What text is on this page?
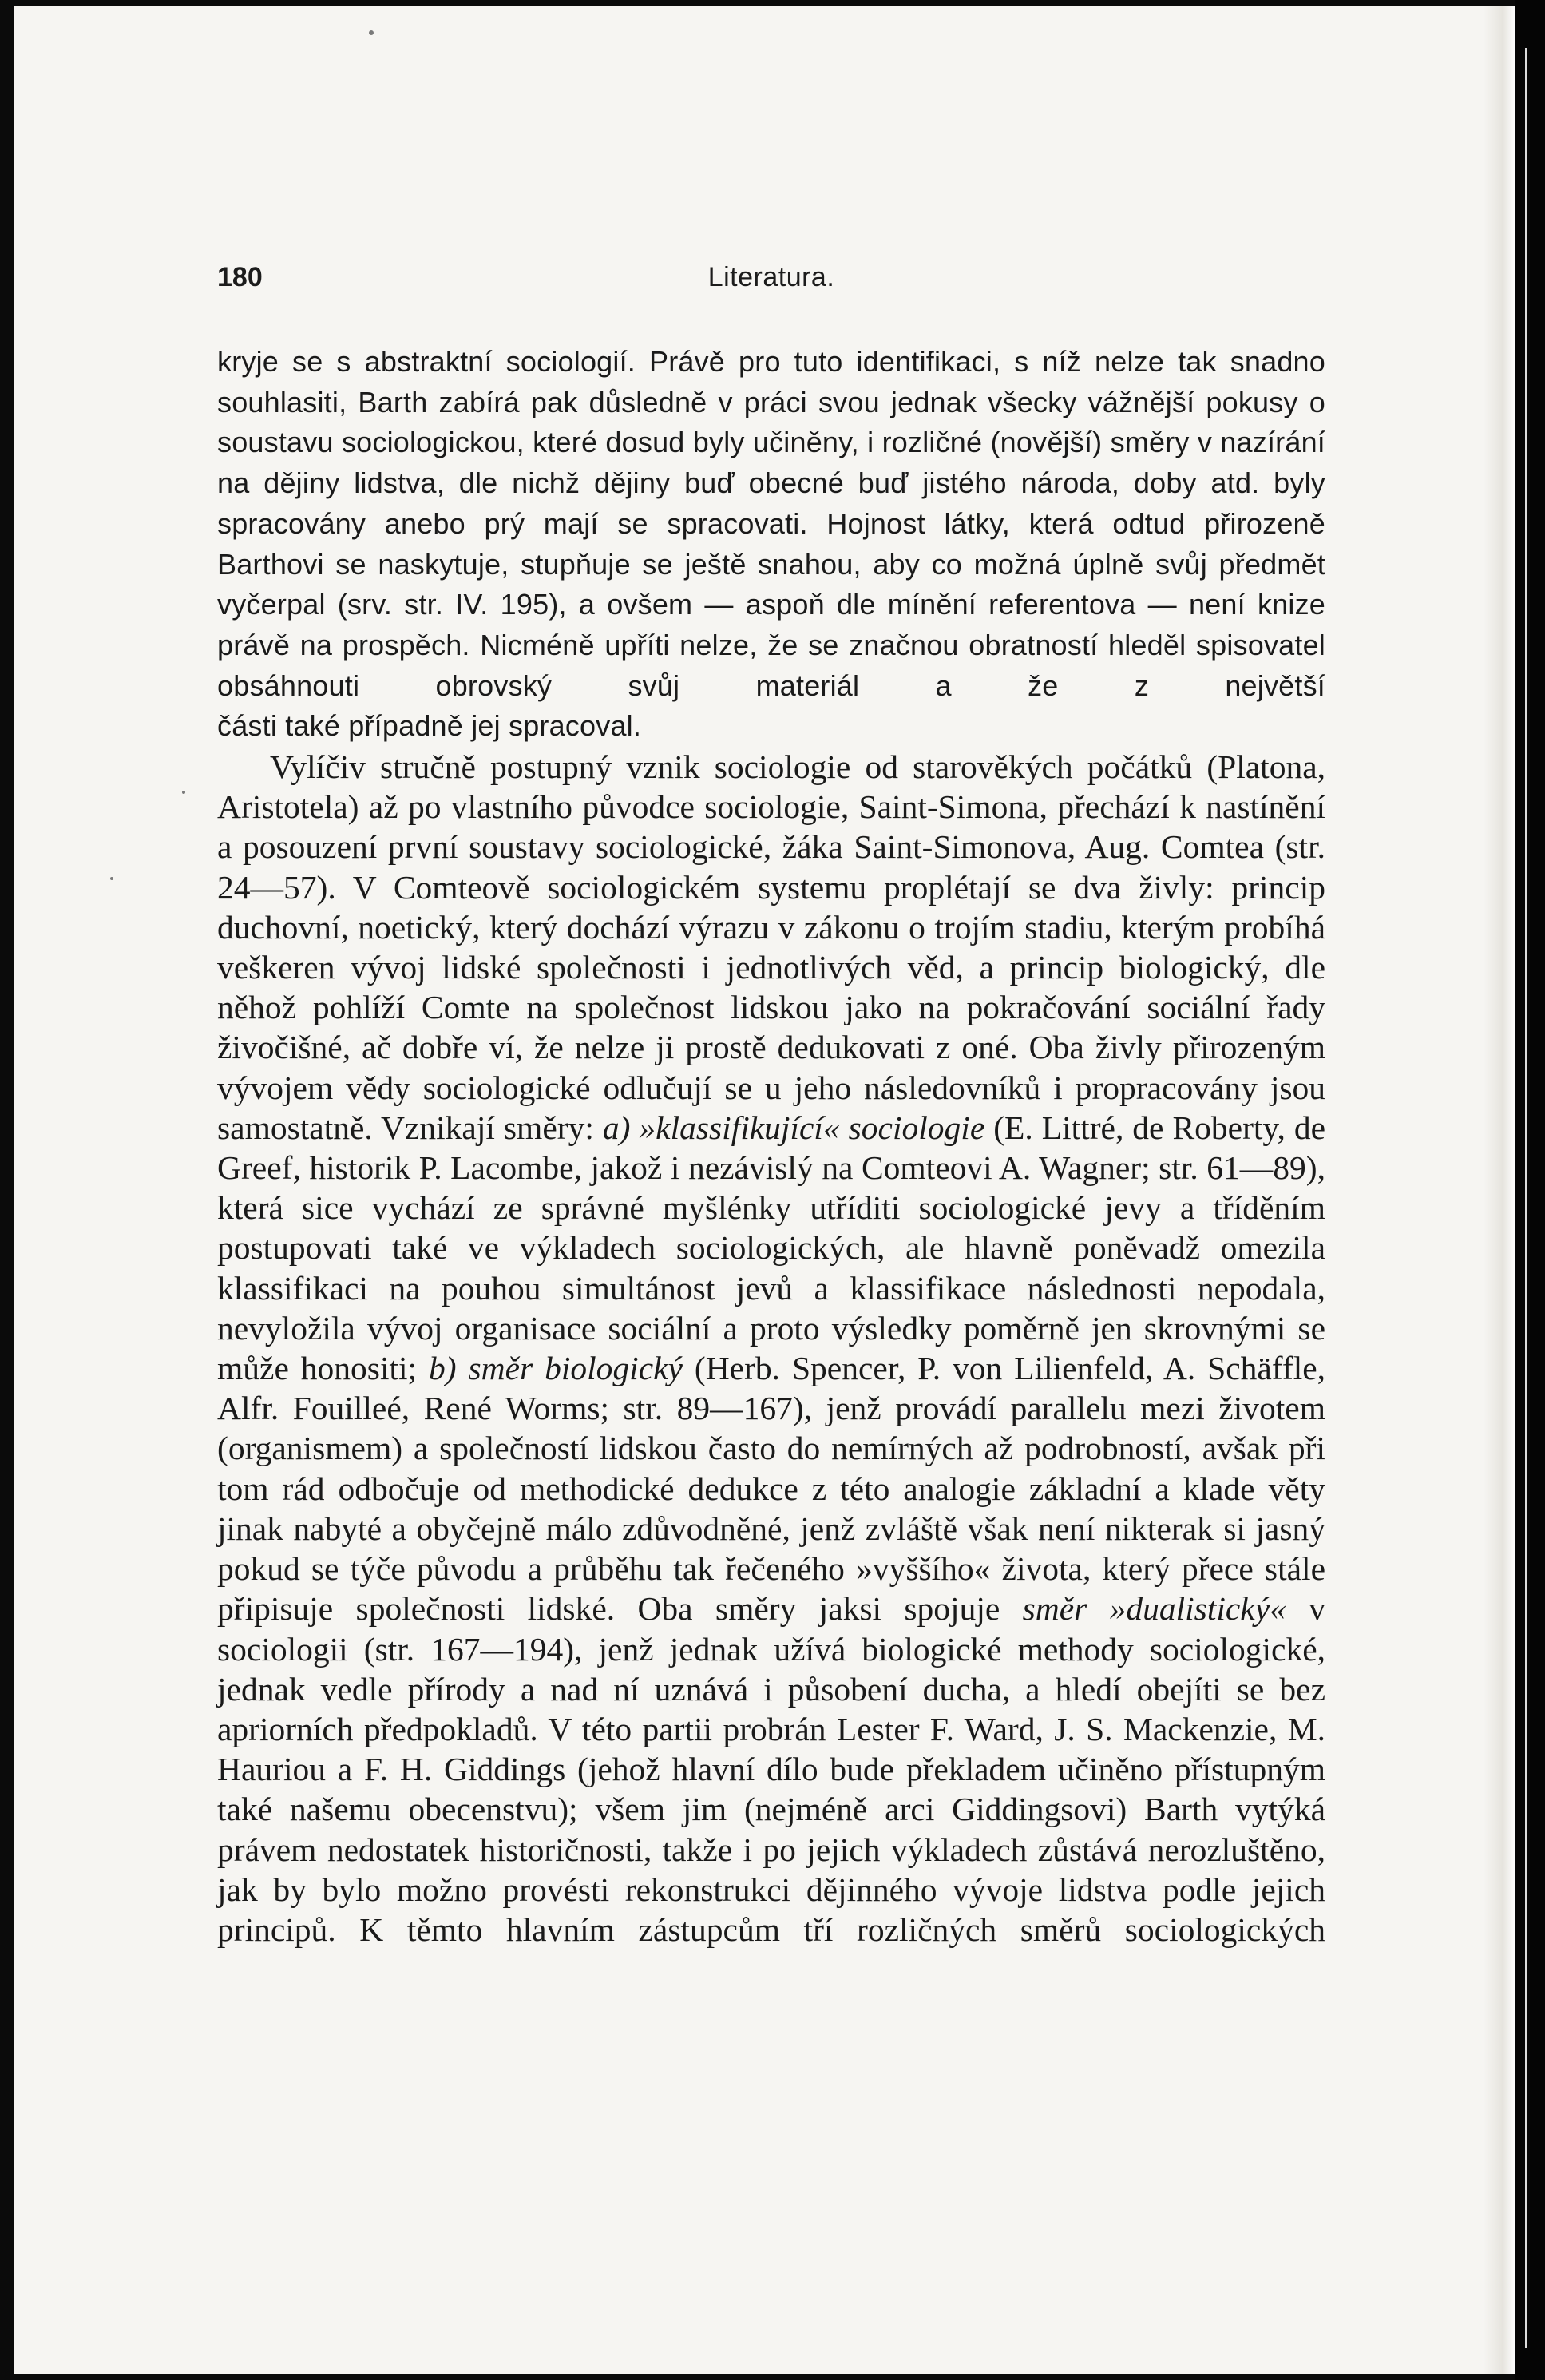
180	Literatura.

kryje se s abstraktní sociologií. Právě pro tuto identifikaci, s níž nelze tak snadno souhlasiti, Barth zabírá pak důsledně v práci svou jednak všecky vážnější pokusy o soustavu sociologickou, které dosud byly učiněny, i rozličné (novější) směry v nazírání na dějiny lidstva, dle nichž dějiny buď obecné buď jistého národa, doby atd. byly spracovány anebo prý mají se spracovati. Hojnost látky, která odtud přirozeně Barthovi se naskytuje, stupňuje se ještě snahou, aby co možná úplně svůj předmět vyčerpal (srv. str. IV. 195), a ovšem — aspoň dle mínění referentova — není knize právě na prospěch. Nicméně upříti nelze, že se značnou obratností hleděl spisovatel obsáhnouti obrovský svůj materiál a že z největší
části také případně jej spracoval.

Vylíčiv stručně postupný vznik sociologie od starověkých počátků (Platona, Aristotela) až po vlastního původce sociologie, Saint-Simona, přechází k nastínění a posouzení první soustavy sociologické, žáka Saint-Simonova, Aug. Comtea (str. 24—57). V Comteově sociologickém systemu proplétají se dva živly: princip duchovní, noetický, který dochází výrazu v zákonu o trojím stadiu, kterým probíhá veškeren vývoj lidské společnosti i jednotlivých věd, a princip biologický, dle něhož pohlíží Comte na společnost lidskou jako na pokračování sociální řady živočišné, ač dobře ví, že nelze ji prostě dedukovati z oné. Oba živly přirozeným vývojem vědy sociologické odlučují se u jeho následovníků i propracovány jsou samostatně. Vznikají směry: a) »klassifikující« sociologie (E. Littré, de Roberty, de Greef, historik P. Lacombe, jakož i nezávislý na Comteovi A. Wagner; str. 61—89), která sice vychází ze správné myšlénky utříditi sociologické jevy a tříděním postupovati také ve výkladech sociologických, ale hlavně poněvadž omezila klassifikaci na pouhou simultánost jevů a klassifikace následnosti nepodala, nevyložila vývoj organisace sociální a proto výsledky poměrně jen skrovnými se může honositi; b) směr biologický (Herb. Spencer, P. von Lilienfeld, A. Schäffle, Alfr. Fouilleé, René Worms; str. 89—167), jenž provádí parallelu mezi životem (organismem) a společností lidskou často do nemírných až podrobností, avšak při tom rád odbočuje od methodické dedukce z této analogie základní a klade věty jinak nabyté a obyčejně málo zdůvodněné, jenž zvláště však není nikterak si jasný pokud se týče původu a průběhu tak řečeného »vyššího« života, který přece stále připisuje společnosti lidské. Oba směry jaksi spojuje směr »dualistický« v sociologii (str. 167—194), jenž jednak užívá biologické methody sociologické, jednak vedle přírody a nad ní uznává i působení ducha, a hledí obejíti se bez apriorních předpokladů. V této partii probrán Lester F. Ward, J. S. Mackenzie, M. Hauriou a F. H. Giddings (jehož hlavní dílo bude překladem učiněno přístupným také našemu obecenstvu); všem jim (nejméně arci Giddingsovi) Barth vytýká právem nedostatek historičnosti, takže i po jejich výkladech zůstává nerozluštěno, jak by bylo možno provésti rekonstrukci dějinného vývoje lidstva podle jejich principů. K těmto hlavním zástupcům tří rozličných směrů sociologických
